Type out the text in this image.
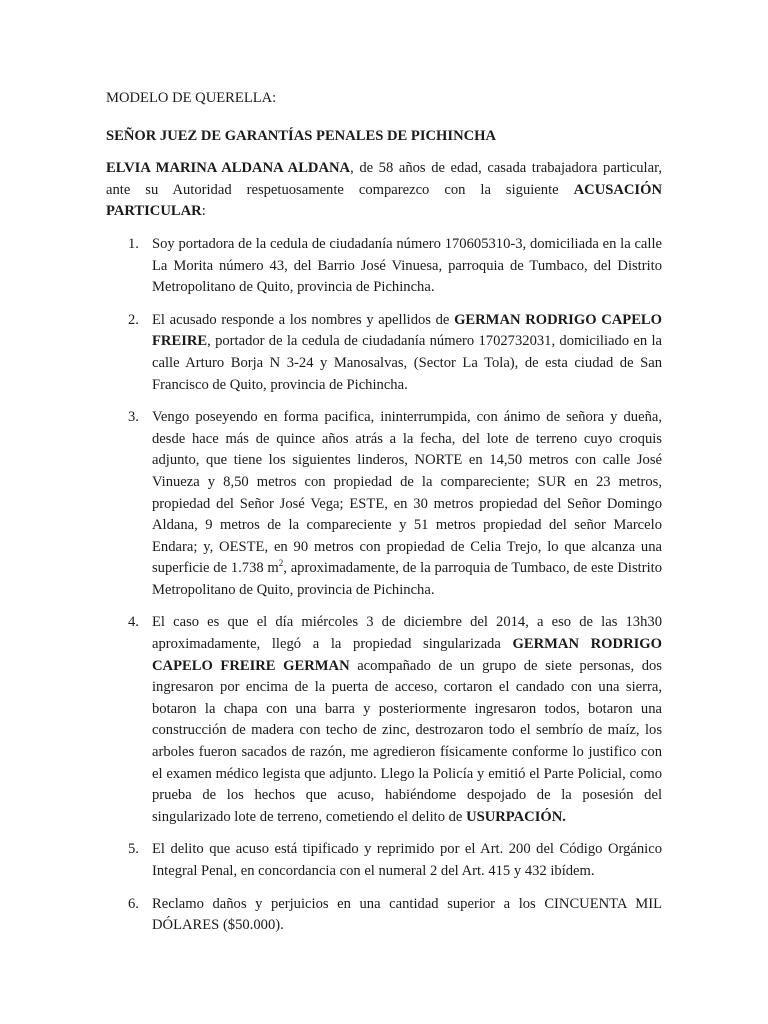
MODELO DE QUERELLA:

SEÑOR JUEZ DE GARANTÍAS PENALES DE PICHINCHA

ELVIA MARINA ALDANA ALDANA, de 58 años de edad, casada trabajadora particular, ante su Autoridad respetuosamente comparezco con la siguiente ACUSACIÓN PARTICULAR:

1. Soy portadora de la cedula de ciudadanía número 170605310-3, domiciliada en la calle La Morita número 43, del Barrio José Vinuesa, parroquia de Tumbaco, del Distrito Metropolitano de Quito, provincia de Pichincha.
2. El acusado responde a los nombres y apellidos de GERMAN RODRIGO CAPELO FREIRE, portador de la cedula de ciudadanía número 1702732031, domiciliado en la calle Arturo Borja N 3-24 y Manosalvas, (Sector La Tola), de esta ciudad de San Francisco de Quito, provincia de Pichincha.
3. Vengo poseyendo en forma pacifica, ininterrumpida, con ánimo de señora y dueña, desde hace más de quince años atrás a la fecha, del lote de terreno cuyo croquis adjunto, que tiene los siguientes linderos, NORTE en 14,50 metros con calle José Vinueza y 8,50 metros con propiedad de la compareciente; SUR en 23 metros, propiedad del Señor José Vega; ESTE, en 30 metros propiedad del Señor Domingo Aldana, 9 metros de la compareciente y 51 metros propiedad del señor Marcelo Endara; y, OESTE, en 90 metros con propiedad de Celia Trejo, lo que alcanza una superficie de 1.738 $m^2$, aproximadamente, de la parroquia de Tumbaco, de este Distrito Metropolitano de Quito, provincia de Pichincha.
4. El caso es que el día miércoles 3 de diciembre del 2014, a eso de las 13h30 aproximadamente, llegó a la propiedad singularizada GERMAN RODRIGO CAPELO FREIRE GERMAN acompañado de un grupo de siete personas, dos ingresaron por encima de la puerta de acceso, cortaron el candado con una sierra, botaron la chapa con una barra y posteriormente ingresaron todos, botaron una construcción de madera con techo de zinc, destrozaron todo el sembrío de maíz, los arboles fueron sacados de razón, me agredieron físicamente conforme lo justifico con el examen médico legista que adjunto. Llego la Policía y emitió el Parte Policial, como prueba de los hechos que acuso, habiéndome despojado de la posesión del singularizado lote de terreno, cometiendo el delito de USURPACIÓN.
5. El delito que acuso está tipificado y reprimido por el Art. 200 del Código Orgánico Integral Penal, en concordancia con el numeral 2 del Art. 415 y 432 ibídem.
6. Reclamo daños y perjuicios en una cantidad superior a los CINCUENTA MIL DÓLARES ($50.000).
